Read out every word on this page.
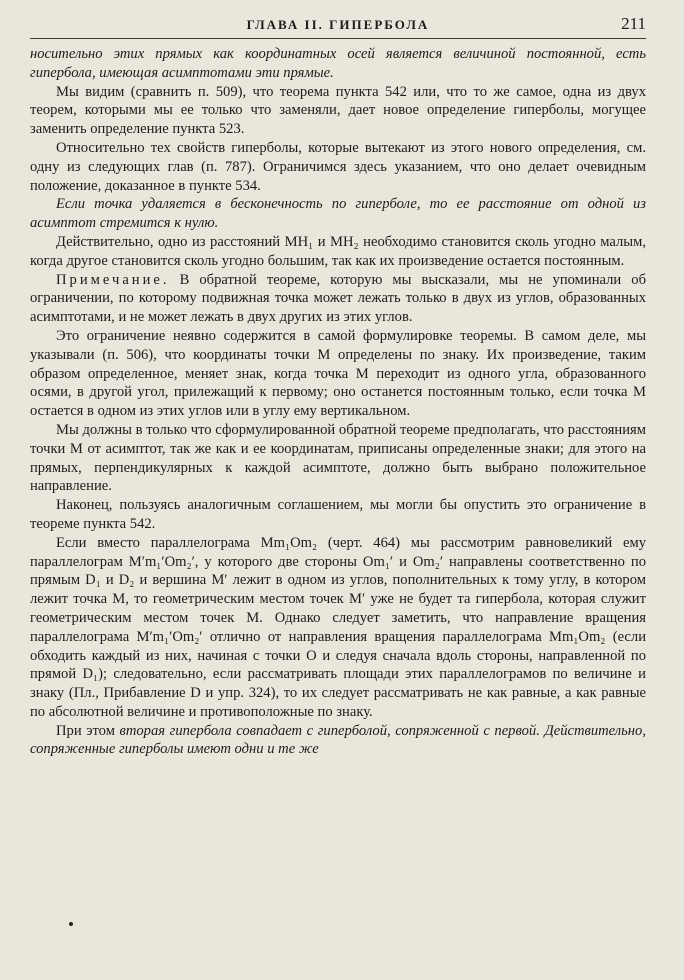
ГЛАВА II. ГИПЕРБОЛА	211

носительно этих прямых как координатных осей является величиной постоянной, есть гипербола, имеющая асимптотами эти прямые.

Мы видим (сравнить п. 509), что теорема пункта 542 или, что то же самое, одна из двух теорем, которыми мы ее только что заменяли, дает новое определение гиперболы, могущее заменить определение пункта 523.

Относительно тех свойств гиперболы, которые вытекают из этого нового определения, см. одну из следующих глав (п. 787). Ограничимся здесь указанием, что оно делает очевидным положение, доказанное в пункте 534.

Если точка удаляется в бесконечность по гиперболе, то ее расстояние от одной из асимптот стремится к нулю.

Действительно, одно из расстояний MH₁ и MH₂ необходимо становится сколь угодно малым, когда другое становится сколь угодно большим, так как их произведение остается постоянным.

Примечание. В обратной теореме, которую мы высказали, мы не упоминали об ограничении, по которому подвижная точка может лежать только в двух из углов, образованных асимптотами, и не может лежать в двух других из этих углов.

Это ограничение неявно содержится в самой формулировке теоремы. В самом деле, мы указывали (п. 506), что координаты точки M определены по знаку. Их произведение, таким образом определенное, меняет знак, когда точка M переходит из одного угла, образованного осями, в другой угол, прилежащий к первому; оно останется постоянным только, если точка M остается в одном из этих углов или в углу ему вертикальном.

Мы должны в только что сформулированной обратной теореме предполагать, что расстояниям точки M от асимптот, так же как и ее координатам, приписаны определенные знаки; для этого на прямых, перпендикулярных к каждой асимптоте, должно быть выбрано положительное направление.

Наконец, пользуясь аналогичным соглашением, мы могли бы опустить это ограничение в теореме пункта 542.

Если вместо параллелограма Mm₁Om₂ (черт. 464) мы рассмотрим равновеликий ему параллелограм M′m₁′Om₂′, у которого две стороны Om₁′ и Om₂′ направлены соответственно по прямым D₁ и D₂ и вершина M′ лежит в одном из углов, пополнительных к тому углу, в котором лежит точка M, то геометрическим местом точек M′ уже не будет та гипербола, которая служит геометрическим местом точек M. Однако следует заметить, что направление вращения параллелограма M′m₁′Om₂′ отлично от направления вращения параллелограма Mm₁Om₂ (если обходить каждый из них, начиная с точки O и следуя сначала вдоль стороны, направленной по прямой D₁); следовательно, если рассматривать площади этих параллелограмов по величине и знаку (Пл., Прибавление D и упр. 324), то их следует рассматривать не как равные, а как равные по абсолютной величине и противоположные по знаку.

При этом вторая гипербола совпадает с гиперболой, сопряженной с первой. Действительно, сопряженные гиперболы имеют одни и те же
